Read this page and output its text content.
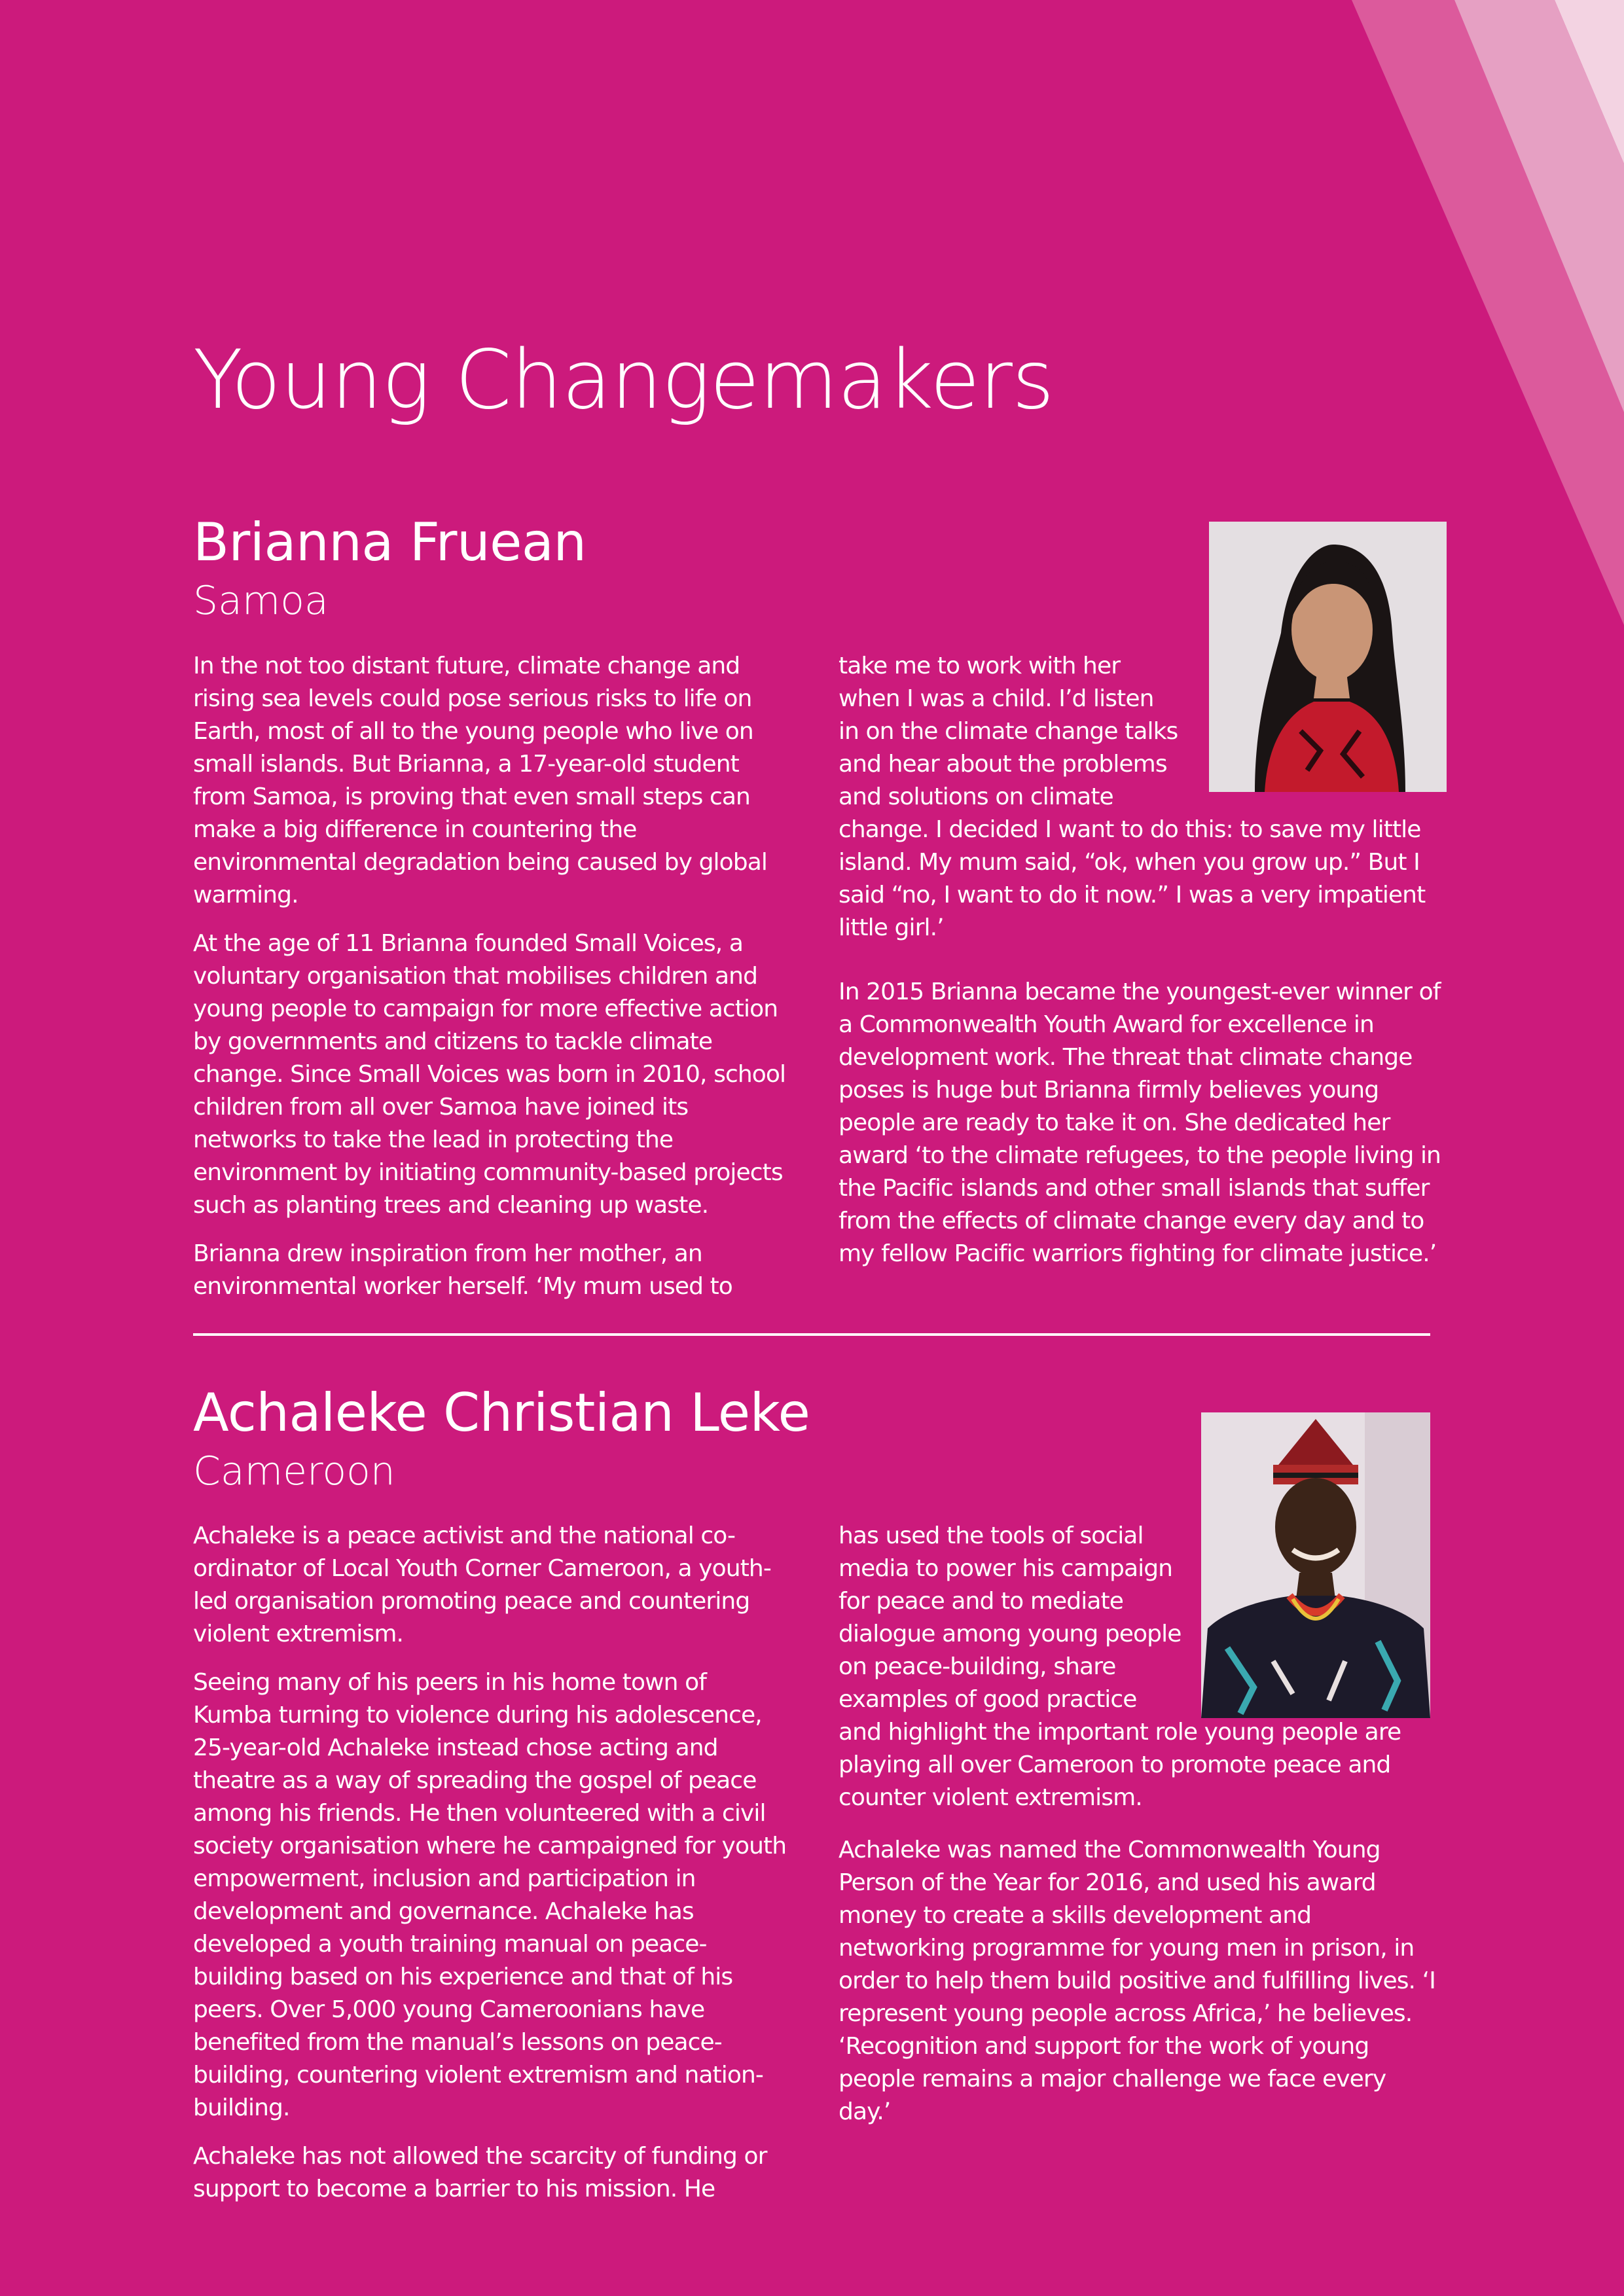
Young Changemakers
Brianna Fruean
Samoa

In the not too distant future, climate change and rising sea levels could pose serious risks to life on Earth, most of all to the young people who live on small islands. But Brianna, a 17-year-old student from Samoa, is proving that even small steps can make a big difference in countering the environmental degradation being caused by global warming.

At the age of 11 Brianna founded Small Voices, a voluntary organisation that mobilises children and young people to campaign for more effective action by governments and citizens to tackle climate change. Since Small Voices was born in 2010, school children from all over Samoa have joined its networks to take the lead in protecting the environment by initiating community-based projects such as planting trees and cleaning up waste.

Brianna drew inspiration from her mother, an environmental worker herself. ‘My mum used to

take me to work with her when I was a child. I’d listen in on the climate change talks and hear about the problems and solutions on climate change. I decided I want to do this: to save my little island. My mum said, “ok, when you grow up.” But I said “no, I want to do it now.” I was a very impatient little girl.’

In 2015 Brianna became the youngest-ever winner of a Commonwealth Youth Award for excellence in development work. The threat that climate change poses is huge but Brianna firmly believes young people are ready to take it on. She dedicated her award ‘to the climate refugees, to the people living in the Pacific islands and other small islands that suffer from the effects of climate change every day and to my fellow Pacific warriors fighting for climate justice.’

Achaleke Christian Leke
Cameroon

Achaleke is a peace activist and the national co-ordinator of Local Youth Corner Cameroon, a youth-led organisation promoting peace and countering violent extremism.

Seeing many of his peers in his home town of Kumba turning to violence during his adolescence, 25-year-old Achaleke instead chose acting and theatre as a way of spreading the gospel of peace among his friends. He then volunteered with a civil society organisation where he campaigned for youth empowerment, inclusion and participation in development and governance. Achaleke has developed a youth training manual on peace-building based on his experience and that of his peers. Over 5,000 young Cameroonians have benefited from the manual’s lessons on peace-building, countering violent extremism and nation-building.

Achaleke has not allowed the scarcity of funding or support to become a barrier to his mission. He

has used the tools of social media to power his campaign for peace and to mediate dialogue among young people on peace-building, share examples of good practice and highlight the important role young people are playing all over Cameroon to promote peace and counter violent extremism.

Achaleke was named the Commonwealth Young Person of the Year for 2016, and used his award money to create a skills development and networking programme for young men in prison, in order to help them build positive and fulfilling lives. ‘I represent young people across Africa,’ he believes. ‘Recognition and support for the work of young people remains a major challenge we face every day.’
